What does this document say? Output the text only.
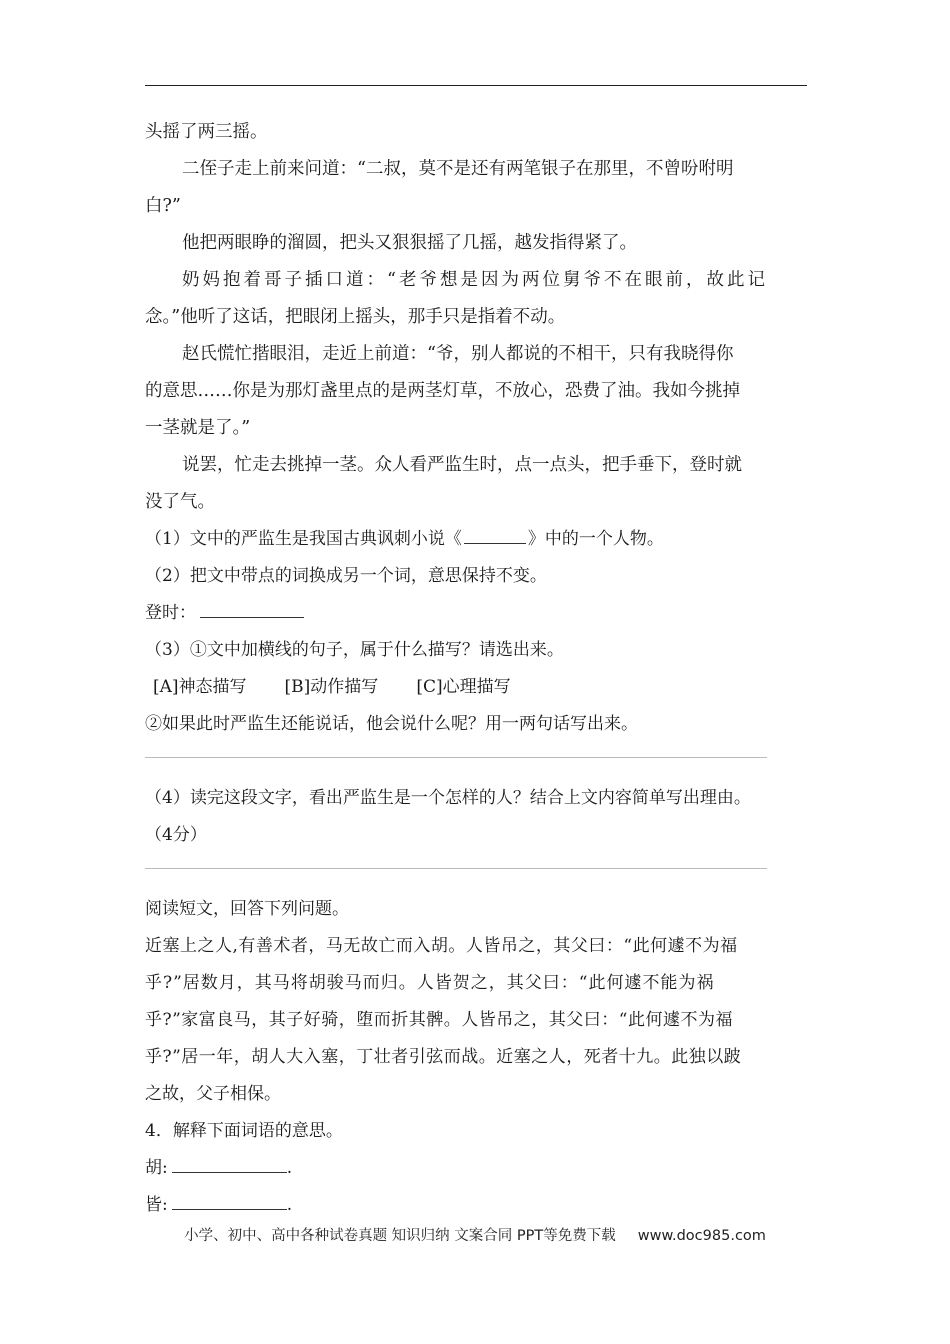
头摇了两三摇。
二侄子走上前来问道：“二叔，莫不是还有两笔银子在那里，不曾吩咐明
白?”
他把两眼睁的溜圆，把头又狠狠摇了几摇，越发指得紧了。
奶妈抱着哥子插口道：“老爷想是因为两位舅爷不在眼前，故此记
念。”他听了这话，把眼闭上摇头，那手只是指着不动。
赵氏慌忙揩眼泪，走近上前道：“爷，别人都说的不相干，只有我晓得你
的意思……你是为那灯盏里点的是两茎灯草，不放心，恐费了油。我如今挑掉
一茎就是了。”
说罢，忙走去挑掉一茎。众人看严监生时，点一点头，把手垂下，登时就
没了气。
（1）文中的严监生是我国古典讽刺小说《	》中的一个人物。
（2）把文中带点的词换成另一个词，意思保持不变。
登时：
（3）①文中加横线的句子，属于什么描写？请选出来。
[A]神态描写 [B]动作描写 [C]心理描写
②如果此时严监生还能说话，他会说什么呢？用一两句话写出来。
（4）读完这段文字，看出严监生是一个怎样的人？结合上文内容简单写出理由。
（4分）
阅读短文，回答下列问题。
近塞上之人,有善术者，马无故亡而入胡。人皆吊之，其父曰：“此何遽不为福
乎?”居数月，其马将胡骏马而归。人皆贺之，其父曰：“此何遽不能为祸
乎?”家富良马，其子好骑，堕而折其髀。人皆吊之，其父曰：“此何遽不为福
乎?”居一年，胡人大入塞，丁壮者引弦而战。近塞之人，死者十九。此独以跛
之故，父子相保。
4．解释下面词语的意思。
胡:	.
皆:	.
小学、初中、高中各种试卷真题 知识归纳 文案合同 PPT等免费下载 www.doc985.com
